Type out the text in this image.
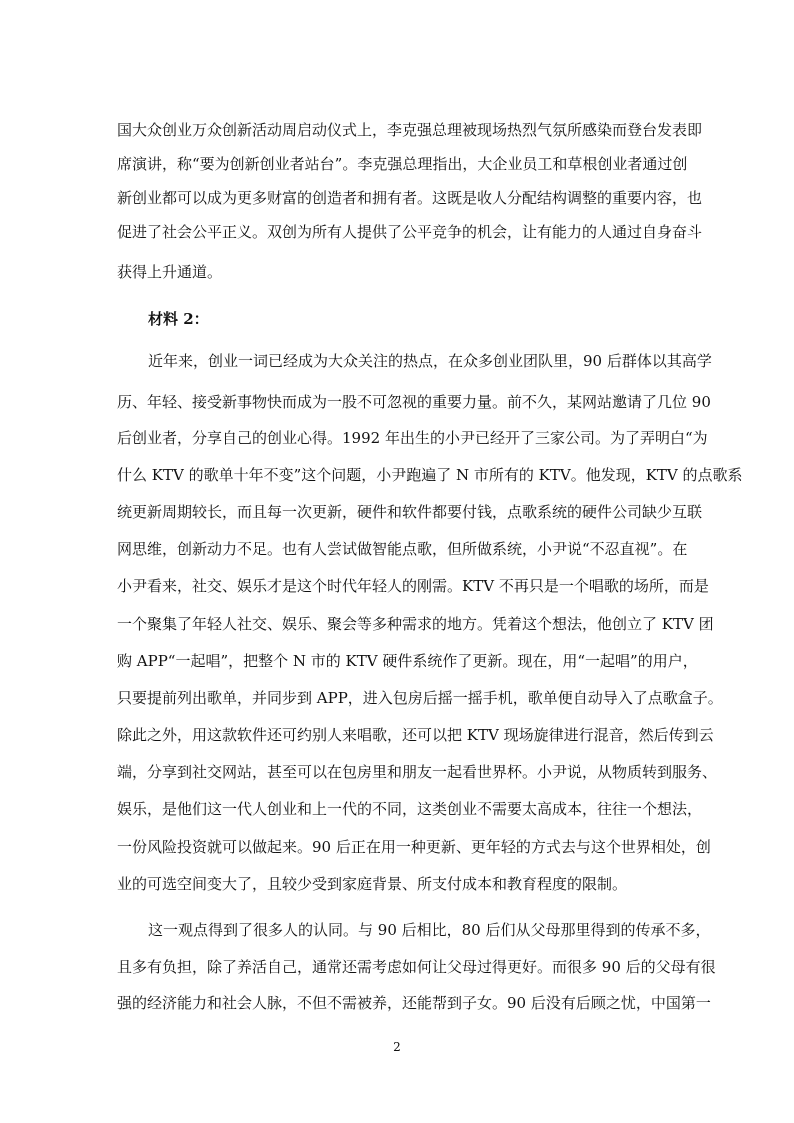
国大众创业万众创新活动周启动仪式上，李克强总理被现场热烈气氛所感染而登台发表即
席演讲，称“要为创新创业者站台”。李克强总理指出，大企业员工和草根创业者通过创
新创业都可以成为更多财富的创造者和拥有者。这既是收人分配结构调整的重要内容，也
促进了社会公平正义。双创为所有人提供了公平竞争的机会，让有能力的人通过自身奋斗
获得上升通道。
材料 2：
近年来，创业一词已经成为大众关注的热点，在众多创业团队里，90 后群体以其高学
历、年轻、接受新事物快而成为一股不可忽视的重要力量。前不久，某网站邀请了几位 90
后创业者，分享自己的创业心得。1992 年出生的小尹已经开了三家公司。为了弄明白“为
什么 KTV 的歌单十年不变”这个问题，小尹跑遍了 N 市所有的 KTV。他发现，KTV 的点歌系
统更新周期较长，而且每一次更新，硬件和软件都要付钱，点歌系统的硬件公司缺少互联
网思维，创新动力不足。也有人尝试做智能点歌，但所做系统，小尹说“不忍直视”。在
小尹看来，社交、娱乐才是这个时代年轻人的刚需。KTV 不再只是一个唱歌的场所，而是
一个聚集了年轻人社交、娱乐、聚会等多种需求的地方。凭着这个想法，他创立了 KTV 团
购 APP“一起唱”，把整个 N 市的 KTV 硬件系统作了更新。现在，用“一起唱”的用户，
只要提前列出歌单，并同步到 APP，进入包房后摇一摇手机，歌单便自动导入了点歌盒子。
除此之外，用这款软件还可约别人来唱歌，还可以把 KTV 现场旋律进行混音，然后传到云
端，分享到社交网站，甚至可以在包房里和朋友一起看世界杯。小尹说，从物质转到服务、
娱乐，是他们这一代人创业和上一代的不同，这类创业不需要太高成本，往往一个想法，
一份风险投资就可以做起来。90 后正在用一种更新、更年轻的方式去与这个世界相处，创
业的可选空间变大了，且较少受到家庭背景、所支付成本和教育程度的限制。
这一观点得到了很多人的认同。与 90 后相比，80 后们从父母那里得到的传承不多，
且多有负担，除了养活自己，通常还需考虑如何让父母过得更好。而很多 90 后的父母有很
强的经济能力和社会人脉，不但不需被养，还能帮到子女。90 后没有后顾之忧，中国第一
2
